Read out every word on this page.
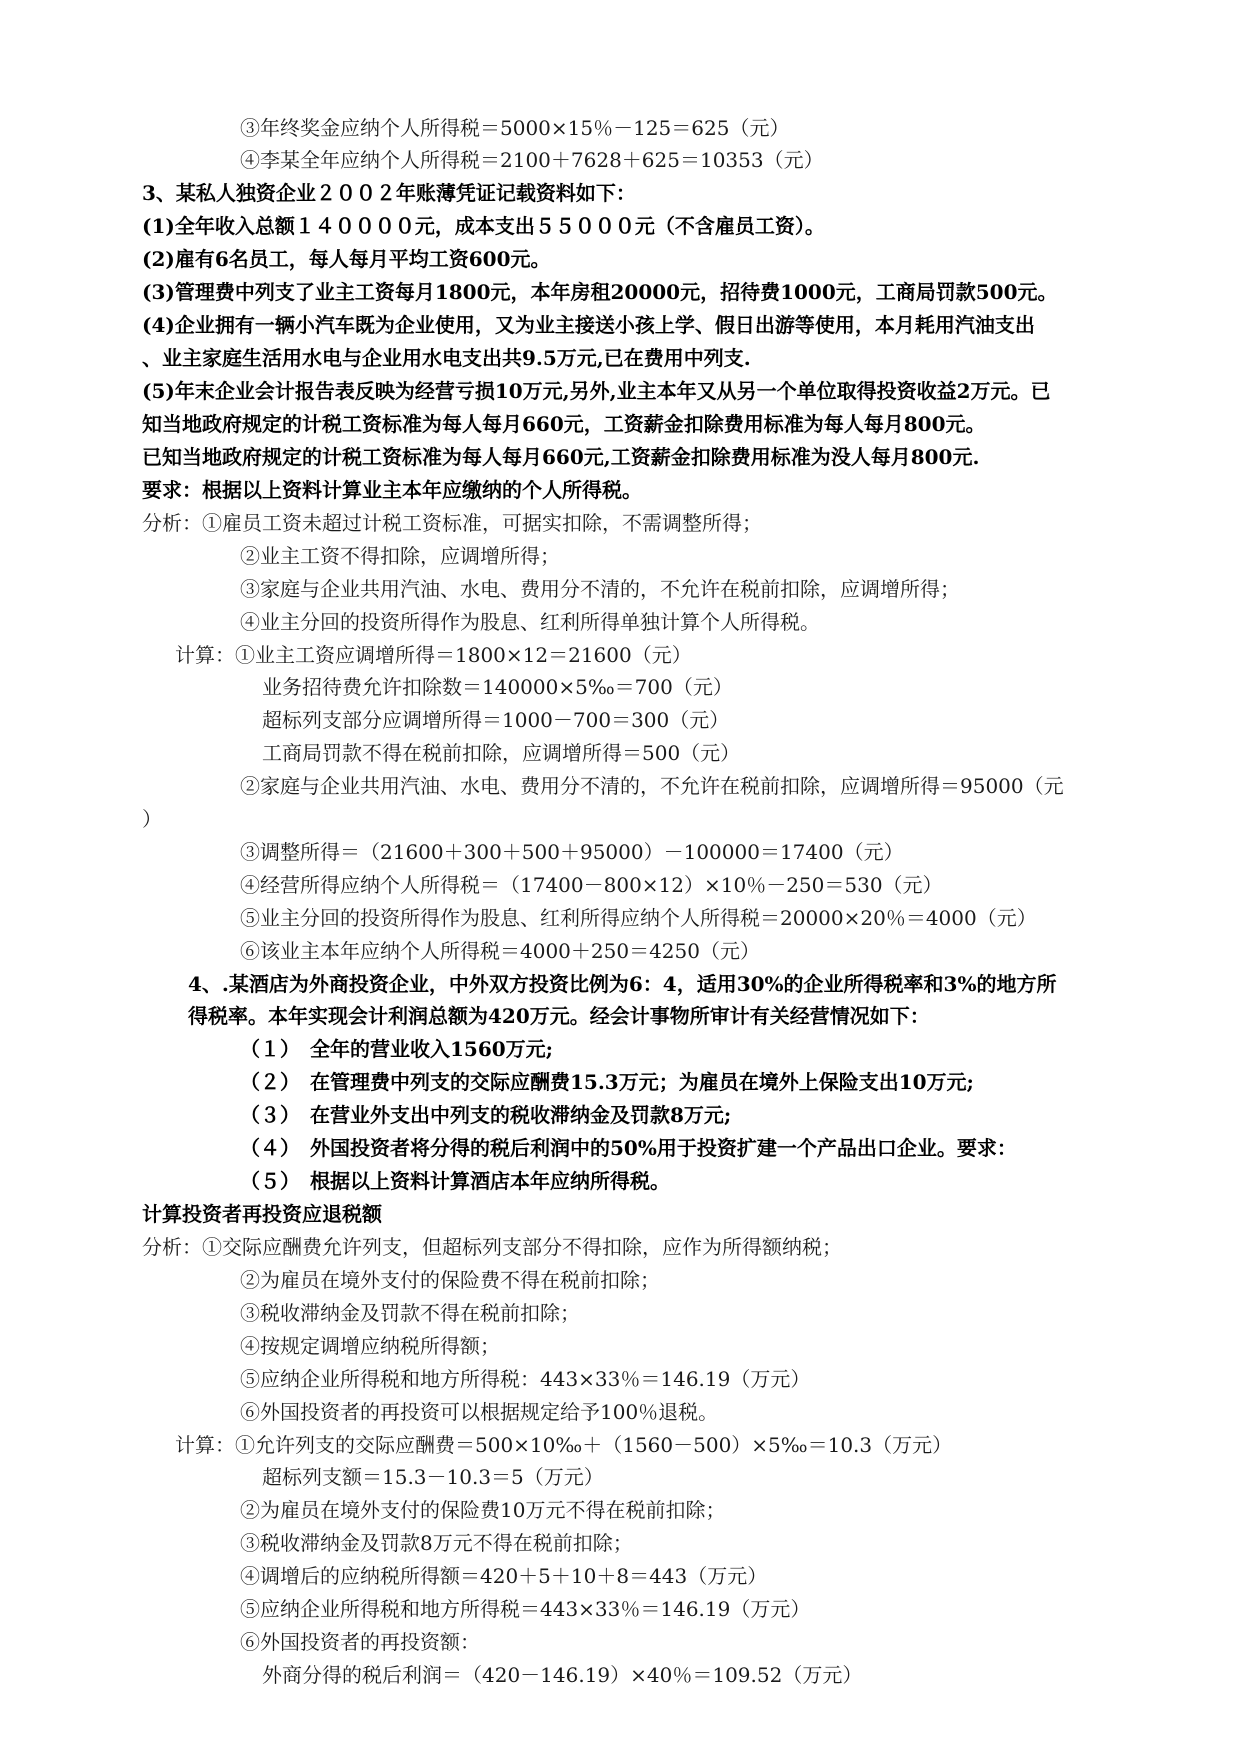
③年终奖金应纳个人所得税＝5000×15％－125＝625（元）
④李某全年应纳个人所得税＝2100＋7628＋625＝10353（元）
3、某私人独资企业２００２年账薄凭证记载资料如下：
(1)全年收入总额１４００００元，成本支出５５０００元（不含雇员工资）。
(2)雇有6名员工，每人每月平均工资600元。
(3)管理费中列支了业主工资每月1800元，本年房租20000元，招待费1000元，工商局罚款500元。
(4)企业拥有一辆小汽车既为企业使用，又为业主接送小孩上学、假日出游等使用，本月耗用汽油支出
、业主家庭生活用水电与企业用水电支出共9.5万元,已在费用中列支.
(5)年末企业会计报告表反映为经营亏损10万元,另外,业主本年又从另一个单位取得投资收益2万元。已
知当地政府规定的计税工资标准为每人每月660元，工资薪金扣除费用标准为每人每月800元。
已知当地政府规定的计税工资标准为每人每月660元,工资薪金扣除费用标准为没人每月800元.
要求：根据以上资料计算业主本年应缴纳的个人所得税。
分析：①雇员工资未超过计税工资标准，可据实扣除，不需调整所得；
②业主工资不得扣除，应调增所得；
③家庭与企业共用汽油、水电、费用分不清的，不允许在税前扣除，应调增所得；
④业主分回的投资所得作为股息、红利所得单独计算个人所得税。
计算：①业主工资应调增所得＝1800×12＝21600（元）
业务招待费允许扣除数＝140000×5‰＝700（元）
超标列支部分应调增所得＝1000－700＝300（元）
工商局罚款不得在税前扣除，应调增所得＝500（元）
②家庭与企业共用汽油、水电、费用分不清的，不允许在税前扣除，应调增所得＝95000（元
）
③调整所得＝（21600＋300＋500＋95000）－100000＝17400（元）
④经营所得应纳个人所得税＝（17400－800×12）×10％－250＝530（元）
⑤业主分回的投资所得作为股息、红利所得应纳个人所得税＝20000×20％＝4000（元）
⑥该业主本年应纳个人所得税＝4000＋250＝4250（元）
4、.某酒店为外商投资企业，中外双方投资比例为6：4，适用30%的企业所得税率和3%的地方所
得税率。本年实现会计利润总额为420万元。经会计事物所审计有关经营情况如下：
（１）　全年的营业收入1560万元;
（２）　在管理费中列支的交际应酬费15.3万元；为雇员在境外上保险支出10万元;
（３）　在营业外支出中列支的税收滞纳金及罚款8万元;
（４）　外国投资者将分得的税后利润中的50%用于投资扩建一个产品出口企业。要求：
（５）　根据以上资料计算酒店本年应纳所得税。
计算投资者再投资应退税额
分析：①交际应酬费允许列支，但超标列支部分不得扣除，应作为所得额纳税；
②为雇员在境外支付的保险费不得在税前扣除；
③税收滞纳金及罚款不得在税前扣除；
④按规定调增应纳税所得额；
⑤应纳企业所得税和地方所得税：443×33％＝146.19（万元）
⑥外国投资者的再投资可以根据规定给予100％退税。
计算：①允许列支的交际应酬费＝500×10‰＋（1560－500）×5‰＝10.3（万元）
超标列支额＝15.3－10.3＝5（万元）
②为雇员在境外支付的保险费10万元不得在税前扣除；
③税收滞纳金及罚款8万元不得在税前扣除；
④调增后的应纳税所得额＝420＋5＋10＋8＝443（万元）
⑤应纳企业所得税和地方所得税＝443×33％＝146.19（万元）
⑥外国投资者的再投资额：
外商分得的税后利润＝（420－146.19）×40％＝109.52（万元）
